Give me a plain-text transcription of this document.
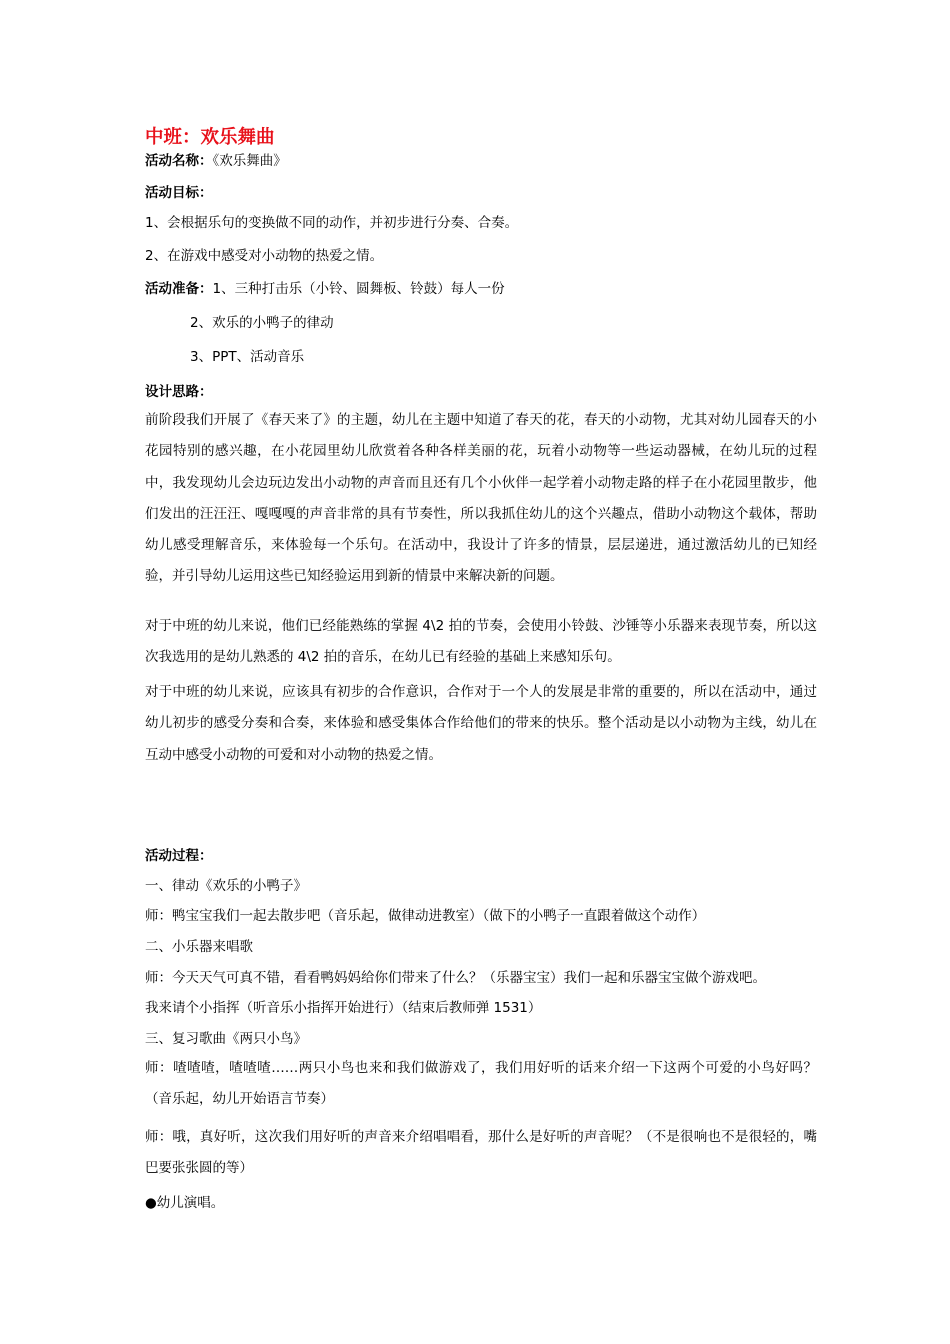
中班：欢乐舞曲
活动名称：《欢乐舞曲》
活动目标：
1、会根据乐句的变换做不同的动作，并初步进行分奏、合奏。
2、在游戏中感受对小动物的热爱之情。
活动准备：1、三种打击乐（小铃、圆舞板、铃鼓）每人一份
2、欢乐的小鸭子的律动
3、PPT、活动音乐
设计思路：
前阶段我们开展了《春天来了》的主题，幼儿在主题中知道了春天的花，春天的小动物，尤其对幼儿园春天的小花园特别的感兴趣，在小花园里幼儿欣赏着各种各样美丽的花，玩着小动物等一些运动器械，在幼儿玩的过程中，我发现幼儿会边玩边发出小动物的声音而且还有几个小伙伴一起学着小动物走路的样子在小花园里散步，他们发出的汪汪汪、嘎嘎嘎的声音非常的具有节奏性，所以我抓住幼儿的这个兴趣点，借助小动物这个载体，帮助幼儿感受理解音乐，来体验每一个乐句。在活动中，我设计了许多的情景，层层递进，通过激活幼儿的已知经验，并引导幼儿运用这些已知经验运用到新的情景中来解决新的问题。
对于中班的幼儿来说，他们已经能熟练的掌握 4\2 拍的节奏，会使用小铃鼓、沙锤等小乐器来表现节奏，所以这次我选用的是幼儿熟悉的 4\2 拍的音乐，在幼儿已有经验的基础上来感知乐句。
对于中班的幼儿来说，应该具有初步的合作意识，合作对于一个人的发展是非常的重要的，所以在活动中，通过幼儿初步的感受分奏和合奏，来体验和感受集体合作给他们的带来的快乐。整个活动是以小动物为主线，幼儿在互动中感受小动物的可爱和对小动物的热爱之情。
活动过程：
一、律动《欢乐的小鸭子》
师：鸭宝宝我们一起去散步吧（音乐起，做律动进教室）（做下的小鸭子一直跟着做这个动作）
二、小乐器来唱歌
师：今天天气可真不错，看看鸭妈妈给你们带来了什么？（乐器宝宝）我们一起和乐器宝宝做个游戏吧。
我来请个小指挥（听音乐小指挥开始进行）（结束后教师弹 1531）
三、复习歌曲《两只小鸟》
师：喳喳喳，喳喳喳……两只小鸟也来和我们做游戏了，我们用好听的话来介绍一下这两个可爱的小鸟好吗？（音乐起，幼儿开始语言节奏）
师：哦，真好听，这次我们用好听的声音来介绍唱唱看，那什么是好听的声音呢？（不是很响也不是很轻的，嘴巴要张张圆的等）
●幼儿演唱。
